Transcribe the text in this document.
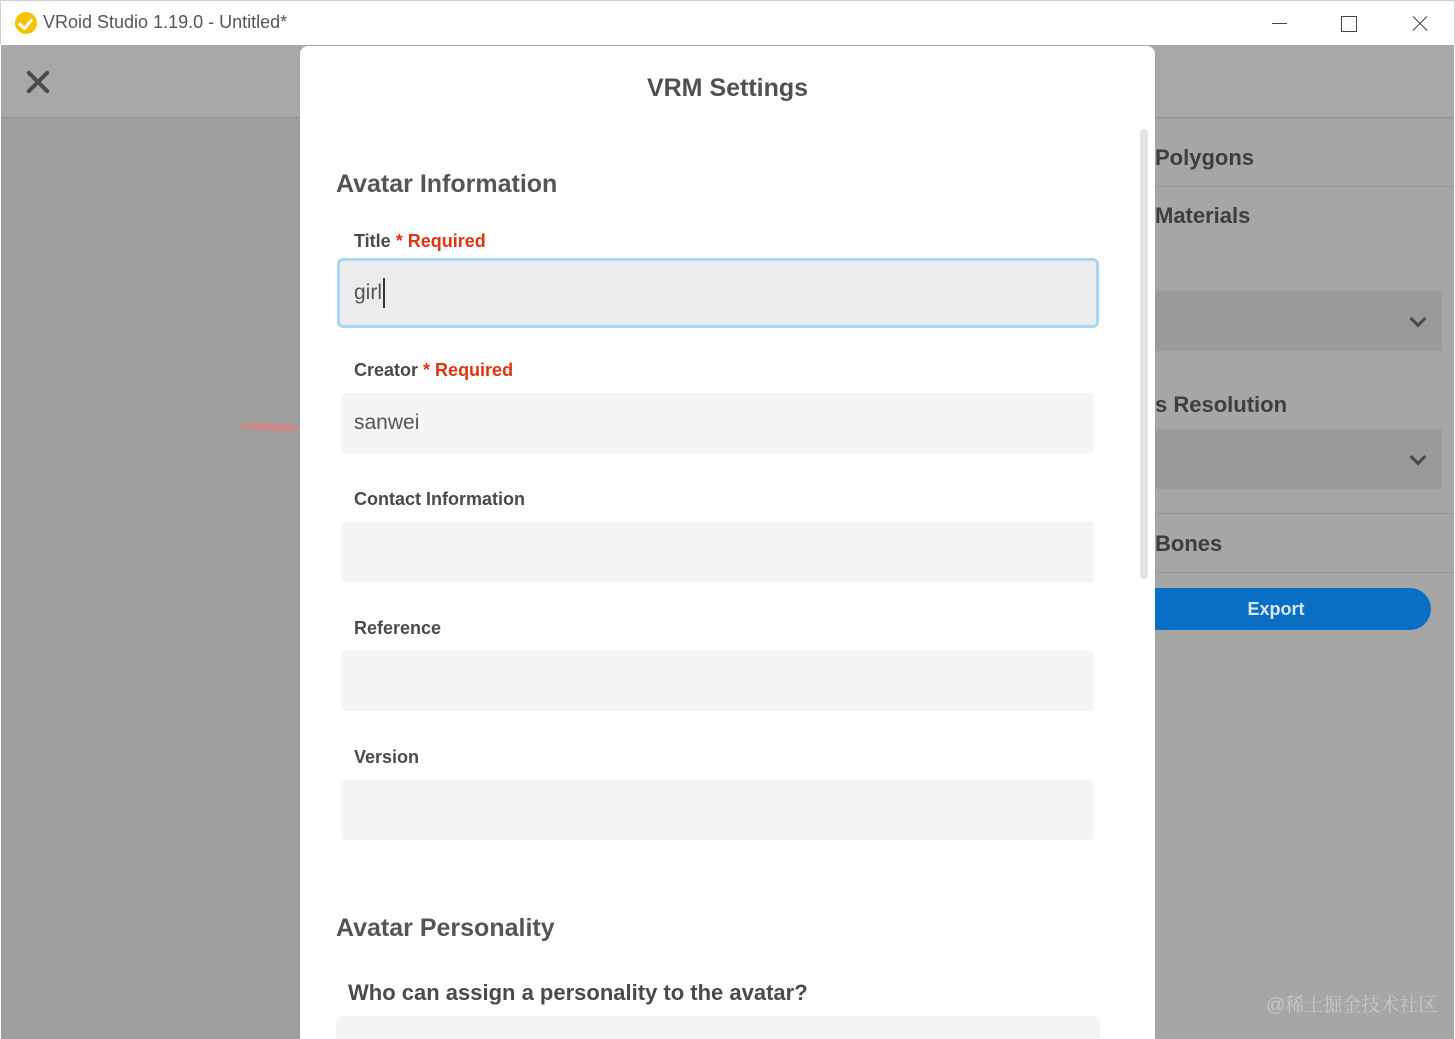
VRoid Studio 1.19.0 - Untitled*
Polygons
Materials
s Resolution
Bones
Export
VRM Settings
Avatar Information
Title * Required
girl
Creator * Required
sanwei
Contact Information
Reference
Version
Avatar Personality
Who can assign a personality to the avatar?
@稀土掘金技术社区
